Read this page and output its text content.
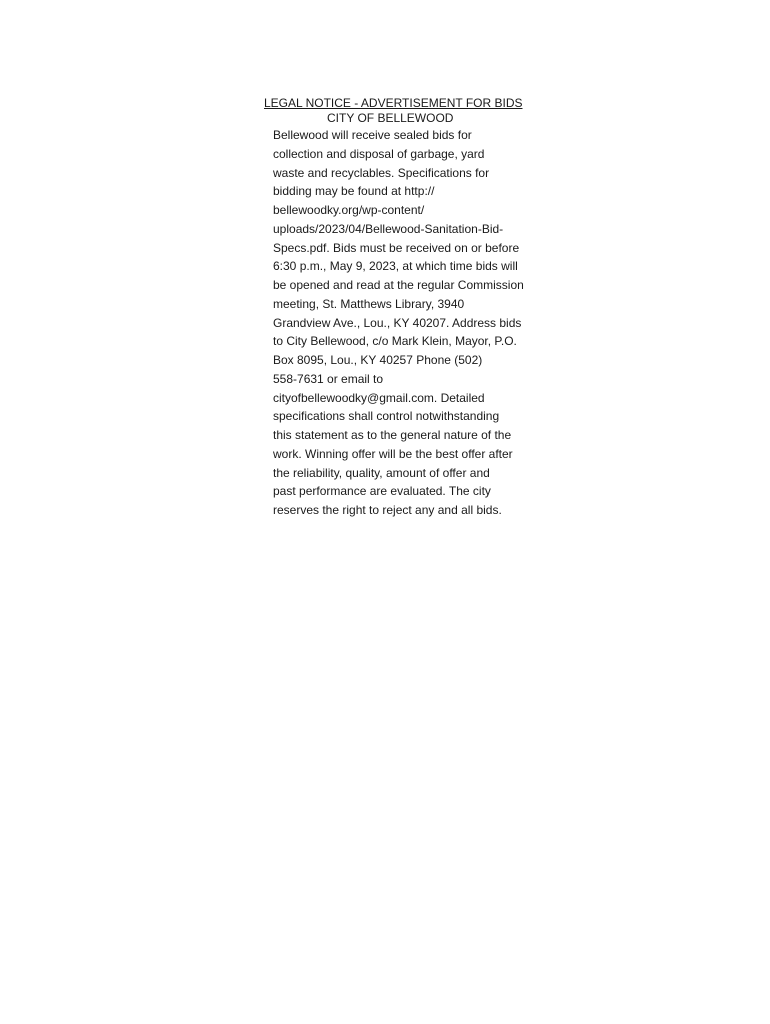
LEGAL NOTICE - ADVERTISEMENT FOR BIDS
CITY OF BELLEWOOD
Bellewood will receive sealed bids for
collection and disposal of garbage, yard
waste and recyclables. Specifications for
bidding may be found at http://
bellewoodky.org/wp-content/
uploads/2023/04/Bellewood-Sanitation-Bid-
Specs.pdf. Bids must be received on or before
6:30 p.m., May 9, 2023, at which time bids will
be opened and read at the regular Commission
meeting, St. Matthews Library, 3940
Grandview Ave., Lou., KY 40207. Address bids
to City Bellewood, c/o Mark Klein, Mayor, P.O.
Box 8095, Lou., KY 40257 Phone (502)
558-7631 or email to
cityofbellewoodky@gmail.com. Detailed
specifications shall control notwithstanding
this statement as to the general nature of the
work. Winning offer will be the best offer after
the reliability, quality, amount of offer and
past performance are evaluated. The city
reserves the right to reject any and all bids.
